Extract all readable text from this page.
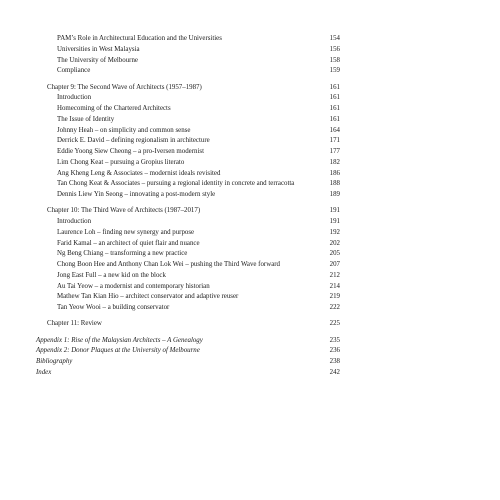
PAM’s Role in Architectural Education and the Universities	154
Universities in West Malaysia	156
The University of Melbourne	158
Compliance	159
Chapter 9: The Second Wave of Architects (1957–1987)	161
Introduction	161
Homecoming of the Chartered Architects	161
The Issue of Identity	161
Johnny Heah – on simplicity and common sense	164
Derrick E. David – defining regionalism in architecture	171
Eddie Yoong Siew Cheong – a pro-Iversen modernist	177
Lim Chong Keat – pursuing a Gropius literato	182
Ang Kheng Leng & Associates – modernist ideals revisited	186
Tan Chong Keat & Associates – pursuing a regional identity in concrete and terracotta	188
Dennis Liew Yin Seong – innovating a post-modern style	189
Chapter 10: The Third Wave of Architects (1987–2017)	191
Introduction	191
Laurence Loh – finding new synergy and purpose	192
Farid Kamal – an architect of quiet flair and nuance	202
Ng Beng Chiang – transforming a new practice	205
Chong Boon Hee and Anthony Chan Lok Wei – pushing the Third Wave forward	207
Jong East Full – a new kid on the block	212
Au Tai Yeow – a modernist and contemporary historian	214
Mathew Tan Kian Hio – architect conservator and adaptive reuser	219
Tan Yeow Wooi – a building conservator	222
Chapter 11: Review	225
Appendix 1: Rise of the Malaysian Architects – A Genealogy	235
Appendix 2: Donor Plaques at the University of Melbourne	236
Bibliography	238
Index	242
